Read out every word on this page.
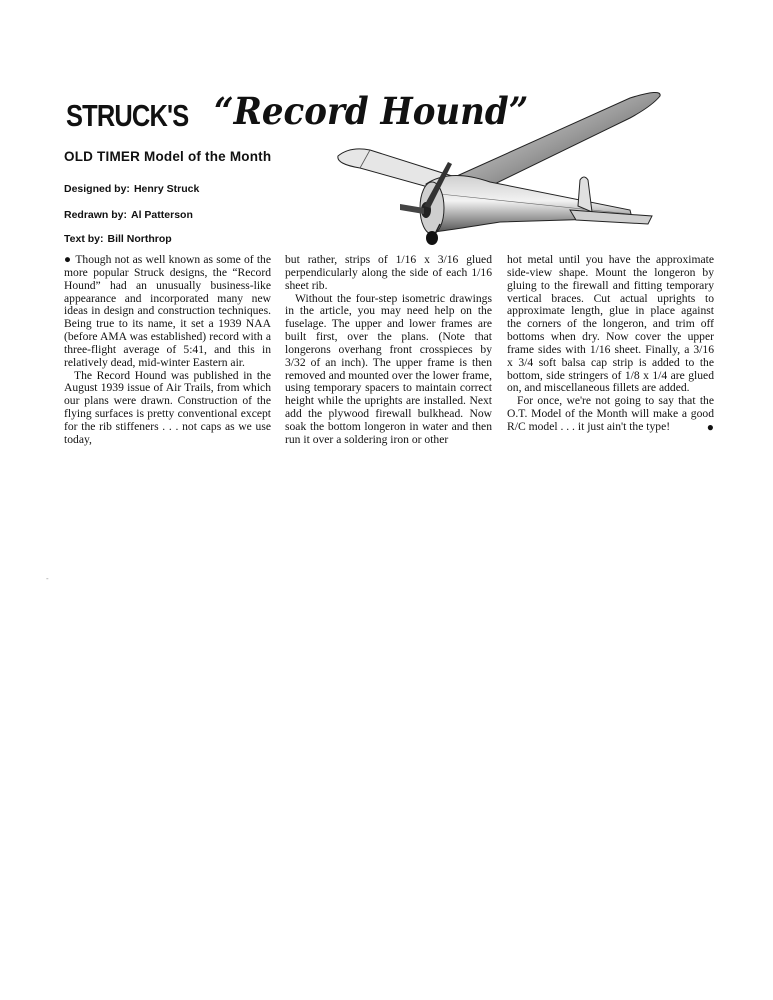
STRUCK'S “Record Hound”
OLD TIMER Model of the Month
Designed by: Henry Struck
Redrawn by: Al Patterson
Text by: Bill Northrop

● Though not as well known as some of the more popular Struck designs, the “Record Hound” had an unusually business-like appearance and incorporated many new ideas in design and construction techniques. Being true to its name, it set a 1939 NAA (before AMA was established) record with a three-flight average of 5:41, and this in relatively dead, mid-winter Eastern air.

The Record Hound was published in the August 1939 issue of Air Trails, from which our plans were drawn. Construction of the flying surfaces is pretty conventional except for the rib stiffeners . . . not caps as we use today,

but rather, strips of 1/16 x 3/16 glued perpendicularly along the side of each 1/16 sheet rib.

Without the four-step isometric drawings in the article, you may need help on the fuselage. The upper and lower frames are built first, over the plans. (Note that longerons overhang front crosspieces by 3/32 of an inch). The upper frame is then removed and mounted over the lower frame, using temporary spacers to maintain correct height while the uprights are installed. Next add the plywood firewall bulkhead. Now soak the bottom longeron in water and then run it over a soldering iron or other

hot metal until you have the approximate side-view shape. Mount the longeron by gluing to the firewall and fitting temporary vertical braces. Cut actual uprights to approximate length, glue in place against the corners of the longeron, and trim off bottoms when dry. Now cover the upper frame sides with 1/16 sheet. Finally, a 3/16 x 3/4 soft balsa cap strip is added to the bottom, side stringers of 1/8 x 1/4 are glued on, and miscellaneous fillets are added.

For once, we're not going to say that the O.T. Model of the Month will make a good R/C model . . . it just ain't the type!	●

-
